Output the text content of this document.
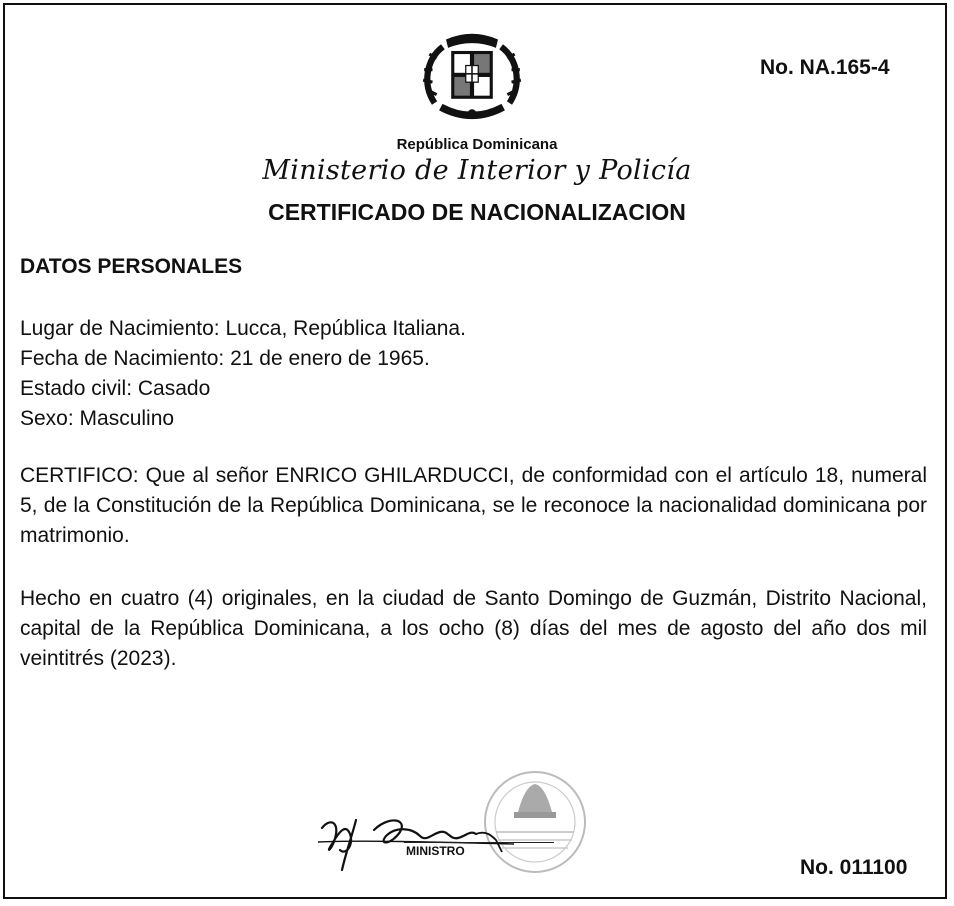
No. NA.165-4
República Dominicana
Ministerio de Interior y Policía
CERTIFICADO DE NACIONALIZACION
DATOS PERSONALES
Lugar de Nacimiento: Lucca, República Italiana.
Fecha de Nacimiento: 21 de enero de 1965.
Estado civil: Casado
Sexo: Masculino
CERTIFICO: Que al señor ENRICO GHILARDUCCI, de conformidad con el artículo 18, numeral 5, de la Constitución de la República Dominicana, se le reconoce la nacionalidad dominicana por matrimonio.
Hecho en cuatro (4) originales, en la ciudad de Santo Domingo de Guzmán, Distrito Nacional, capital de la República Dominicana, a los ocho (8) días del mes de agosto del año dos mil veintitrés (2023).
MINISTRO
No. 011100
